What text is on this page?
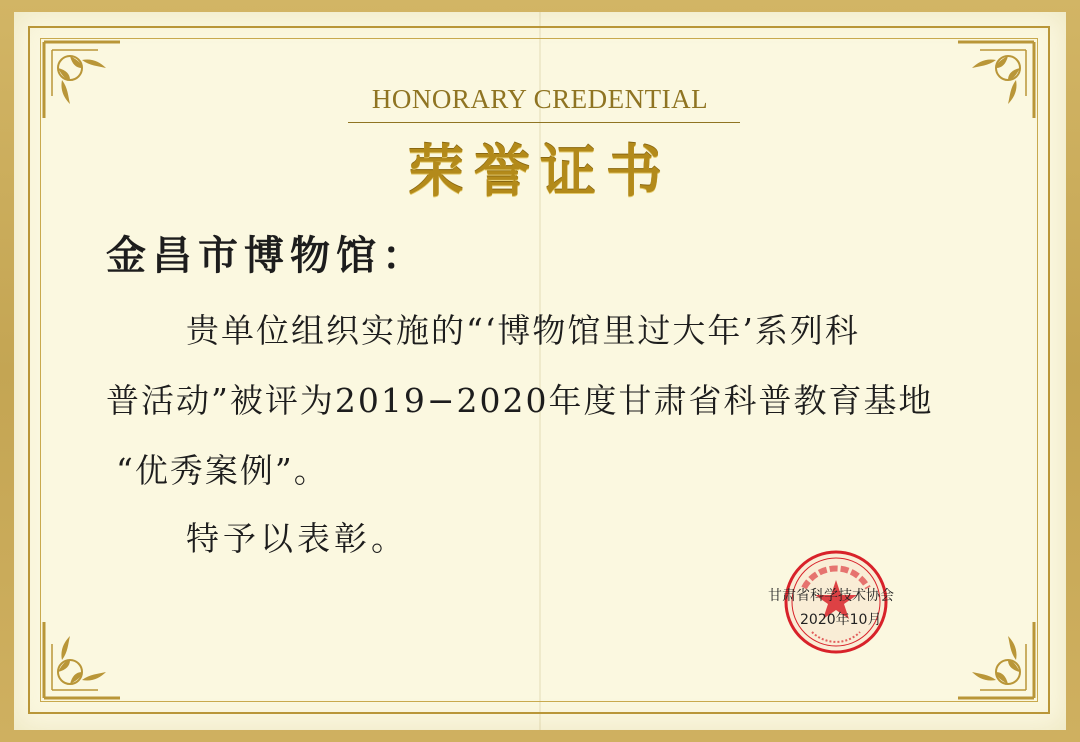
HONORARY CREDENTIAL
荣誉证书
金昌市博物馆：
贵单位组织实施的“‘博物馆里过大年’系列科
普活动”被评为2019−2020年度甘肃省科普教育基地
“优秀案例”。
特予以表彰。
甘肃省科学技术协会
2020年10月
